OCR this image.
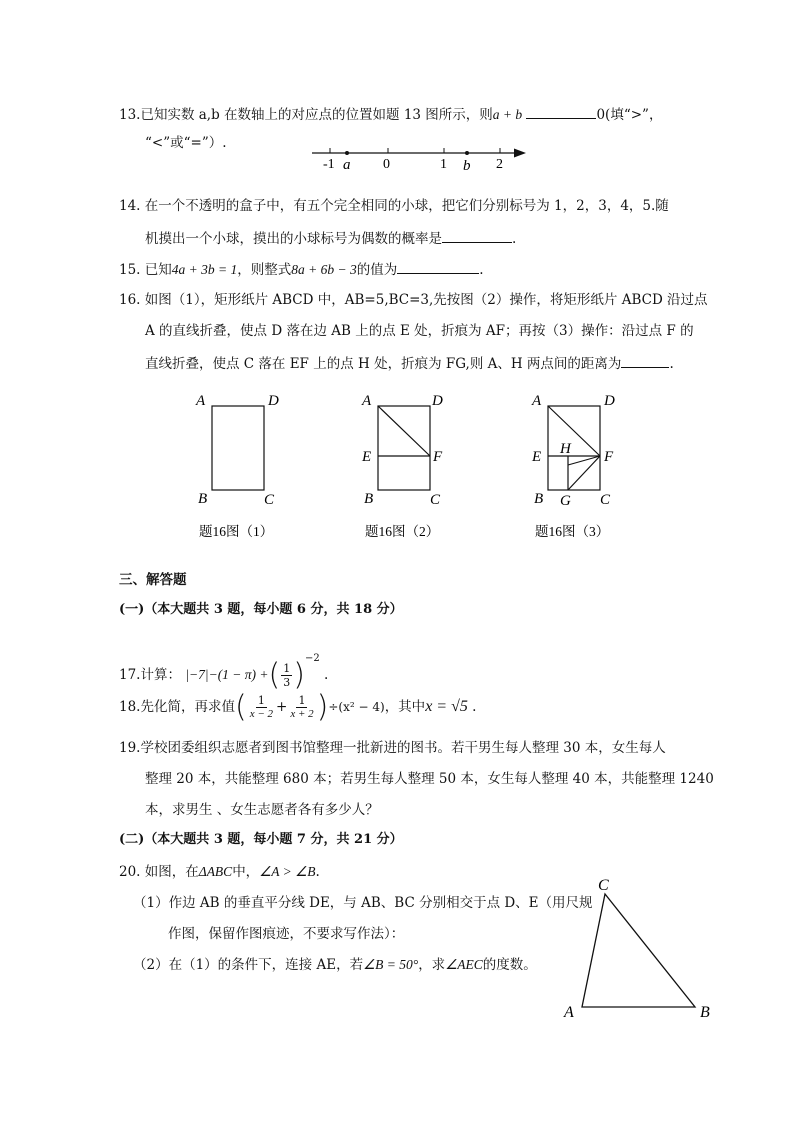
13.已知实数 a,b 在数轴上的对应点的位置如题 13 图所示，则a + b	0(填“>”，
“<”或“=”）.
-1 a 0	1 b 2
14. 在一个不透明的盒子中，有五个完全相同的小球，把它们分别标号为 1，2，3，4，5.随
机摸出一个小球，摸出的小球标号为偶数的概率是	.
15. 已知4a + 3b = 1，则整式8a + 6b − 3的值为	.
16. 如图（1），矩形纸片 ABCD 中，AB=5,BC=3,先按图（2）操作，将矩形纸片 ABCD 沿过点
A 的直线折叠，使点 D 落在边 AB 上的点 E 处，折痕为 AF；再按（3）操作：沿过点 F 的
直线折叠，使点 C 落在 EF 上的点 H 处，折痕为 FG,则 A、H 两点间的距离为	.
A	D
B	C
题16图（1）
A	D
E	F
B	C
题16图（2）
A	D
E H F
B G C
题16图（3）
三、解答题
(一)（本大题共 3 题，每小题 6 分，共 18 分）
17.计算： |−7|−(1 − π) +( $\frac{1}{3} )^{-2}$ .
18.先化简，再求值( $\frac{1}{x - 2} + \frac{1}{x + 2} )\div(x^2 - 4)$，其中x = √5 .
19.学校团委组织志愿者到图书馆整理一批新进的图书。若干男生每人整理 30 本，女生每人
整理 20 本，共能整理 680 本；若男生每人整理 50 本，女生每人整理 40 本，共能整理 1240
本，求男生 、女生志愿者各有多少人？
(二)（本大题共 3 题，每小题 7 分，共 21 分）
20. 如图，在ΔABC中，∠A > ∠B.
（1）作边 AB 的垂直平分线 DE，与 AB、BC 分别相交于点 D、E（用尺规
作图，保留作图痕迹，不要求写作法）：
（2）在（1）的条件下，连接 AE，若∠B = 50°，求∠AEC的度数。
C
A	B
